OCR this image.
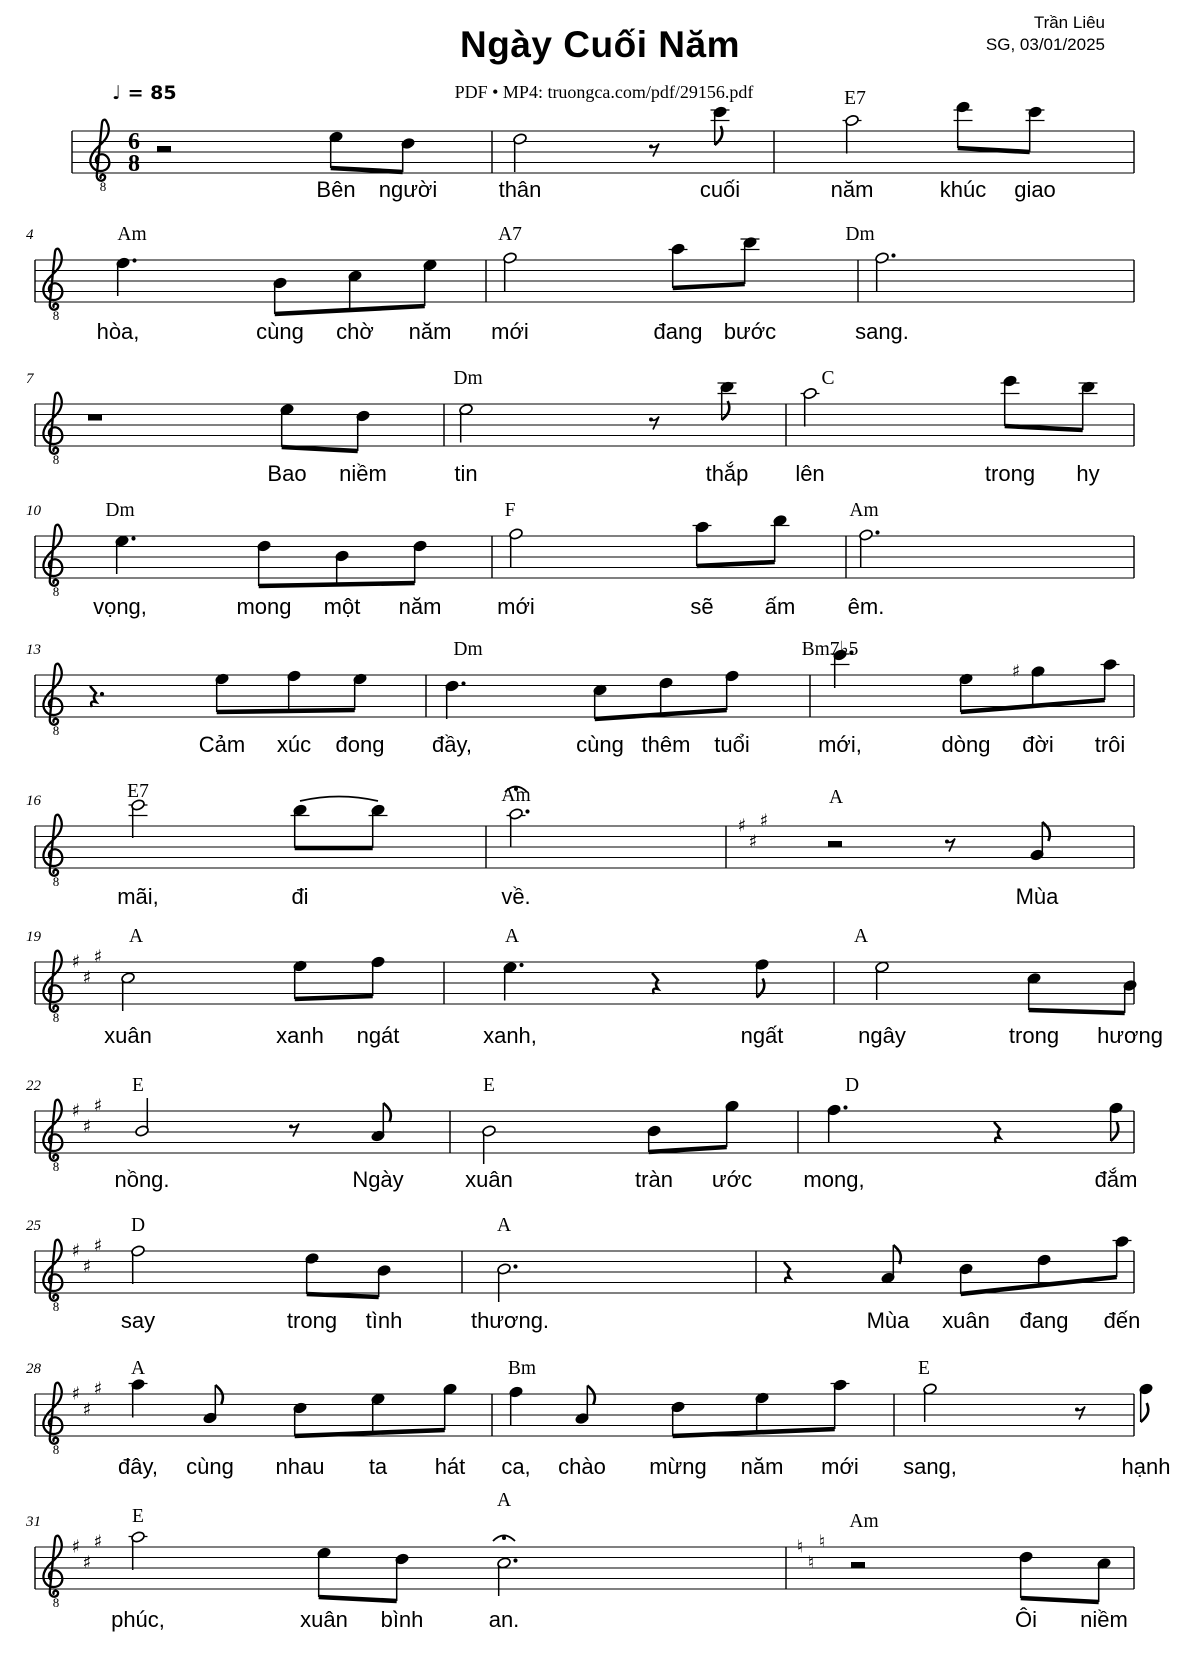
Trần Liêu
SG, 03/01/2025
Ngày Cuối Năm
♩ = 85	PDF • MP4: truongca.com/pdf/29156.pdf
8
6
8
E7
Bên người	thân	cuối	năm	khúc giao
8
4	Am	A7	Dm
hòa,	cùng chờ năm mới	đang bước	sang.
8
7	Dm	C
Bao niềm	tin	thắp lên	trong hy
8
10	Dm	F	Am
vọng,	mong một năm	mới	sẽ ấm êm.
8
♯
13	Dm	Bm7♭5
Cảm xúc đong đầy,	cùng thêm tuổi	mới,	dòng đời trôi
8
♯
♯
♯
16	E7	Am	A
mãi,	đi	về.	Mùa
8
♯
♯
♯
19	A	A	A
xuân	xanh ngát	xanh,	ngất	ngây	trong hương
8
♯
♯
♯
22	E	E	D
nồng.	Ngày	xuân	tràn ước mong,	đắm
8
♯
♯
♯
25	D	A
say	trong tình	thương.	Mùa xuân đang đến
8
♯
♯
♯
28	A	Bm	E
đây, cùng nhau ta hát ca, chào mừng năm mới sang,	hạnh
8
♯
♯
♯	♮
♮
♮
31	E
A
Am
phúc,	xuân bình	an.	Ôi niềm
